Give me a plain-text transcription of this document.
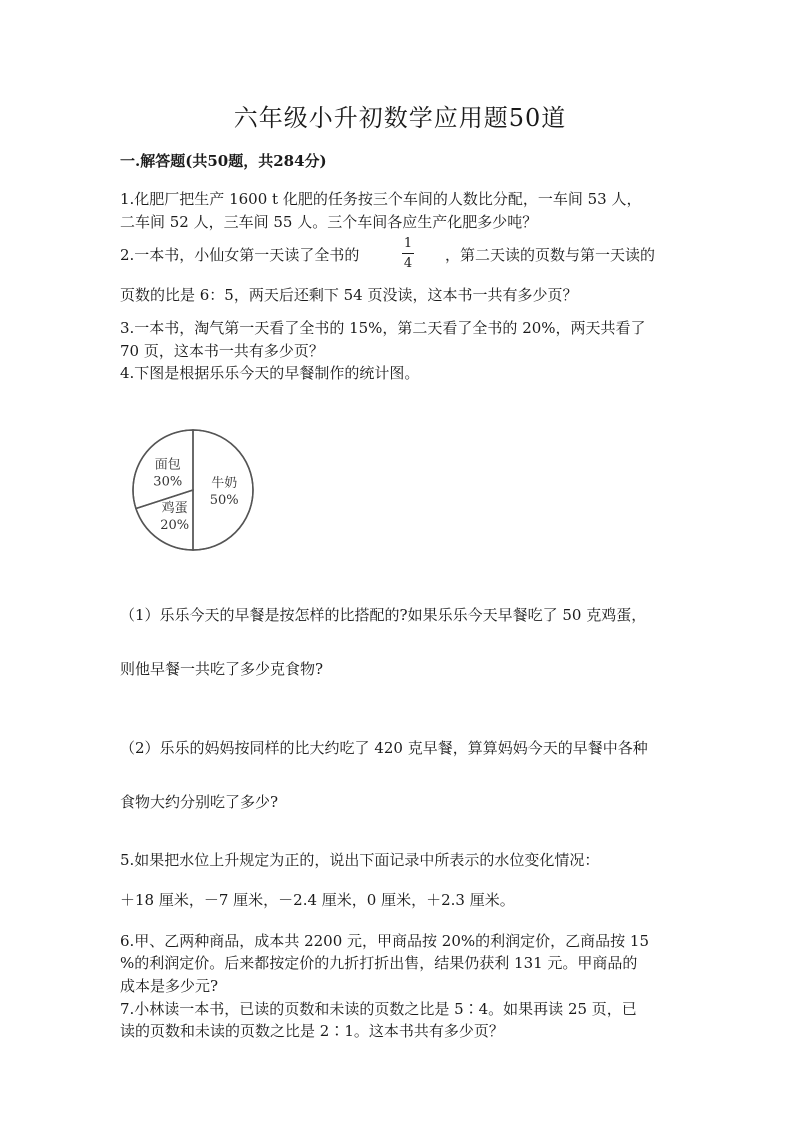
六年级小升初数学应用题50道
一.解答题(共50题，共284分)
1.化肥厂把生产 1600 t 化肥的任务按三个车间的人数比分配，一车间 53 人，
二车间 52 人，三车间 55 人。三个车间各应生产化肥多少吨？
2.一本书，小仙女第一天读了全书的
1
4	，第二天读的页数与第一天读的
页数的比是 6：5，两天后还剩下 54 页没读，这本书一共有多少页？
3.一本书，淘气第一天看了全书的 15%，第二天看了全书的 20%，两天共看了
70 页，这本书一共有多少页？
4.下图是根据乐乐今天的早餐制作的统计图。
牛奶
50%
鸡蛋
20%
面包
30%
（1）乐乐今天的早餐是按怎样的比搭配的?如果乐乐今天早餐吃了 50 克鸡蛋，
则他早餐一共吃了多少克食物?
（2）乐乐的妈妈按同样的比大约吃了 420 克早餐，算算妈妈今天的早餐中各种
食物大约分别吃了多少?
5.如果把水位上升规定为正的，说出下面记录中所表示的水位变化情况：
＋18 厘米，－7 厘米，－2.4 厘米，0 厘米，＋2.3 厘米。
6.甲、乙两种商品，成本共 2200 元，甲商品按 20%的利润定价，乙商品按 15
%的利润定价。后来都按定价的九折打折出售，结果仍获利 131 元。甲商品的
成本是多少元?
7.小林读一本书，已读的页数和未读的页数之比是 5∶4。如果再读 25 页，已
读的页数和未读的页数之比是 2∶1。这本书共有多少页？
